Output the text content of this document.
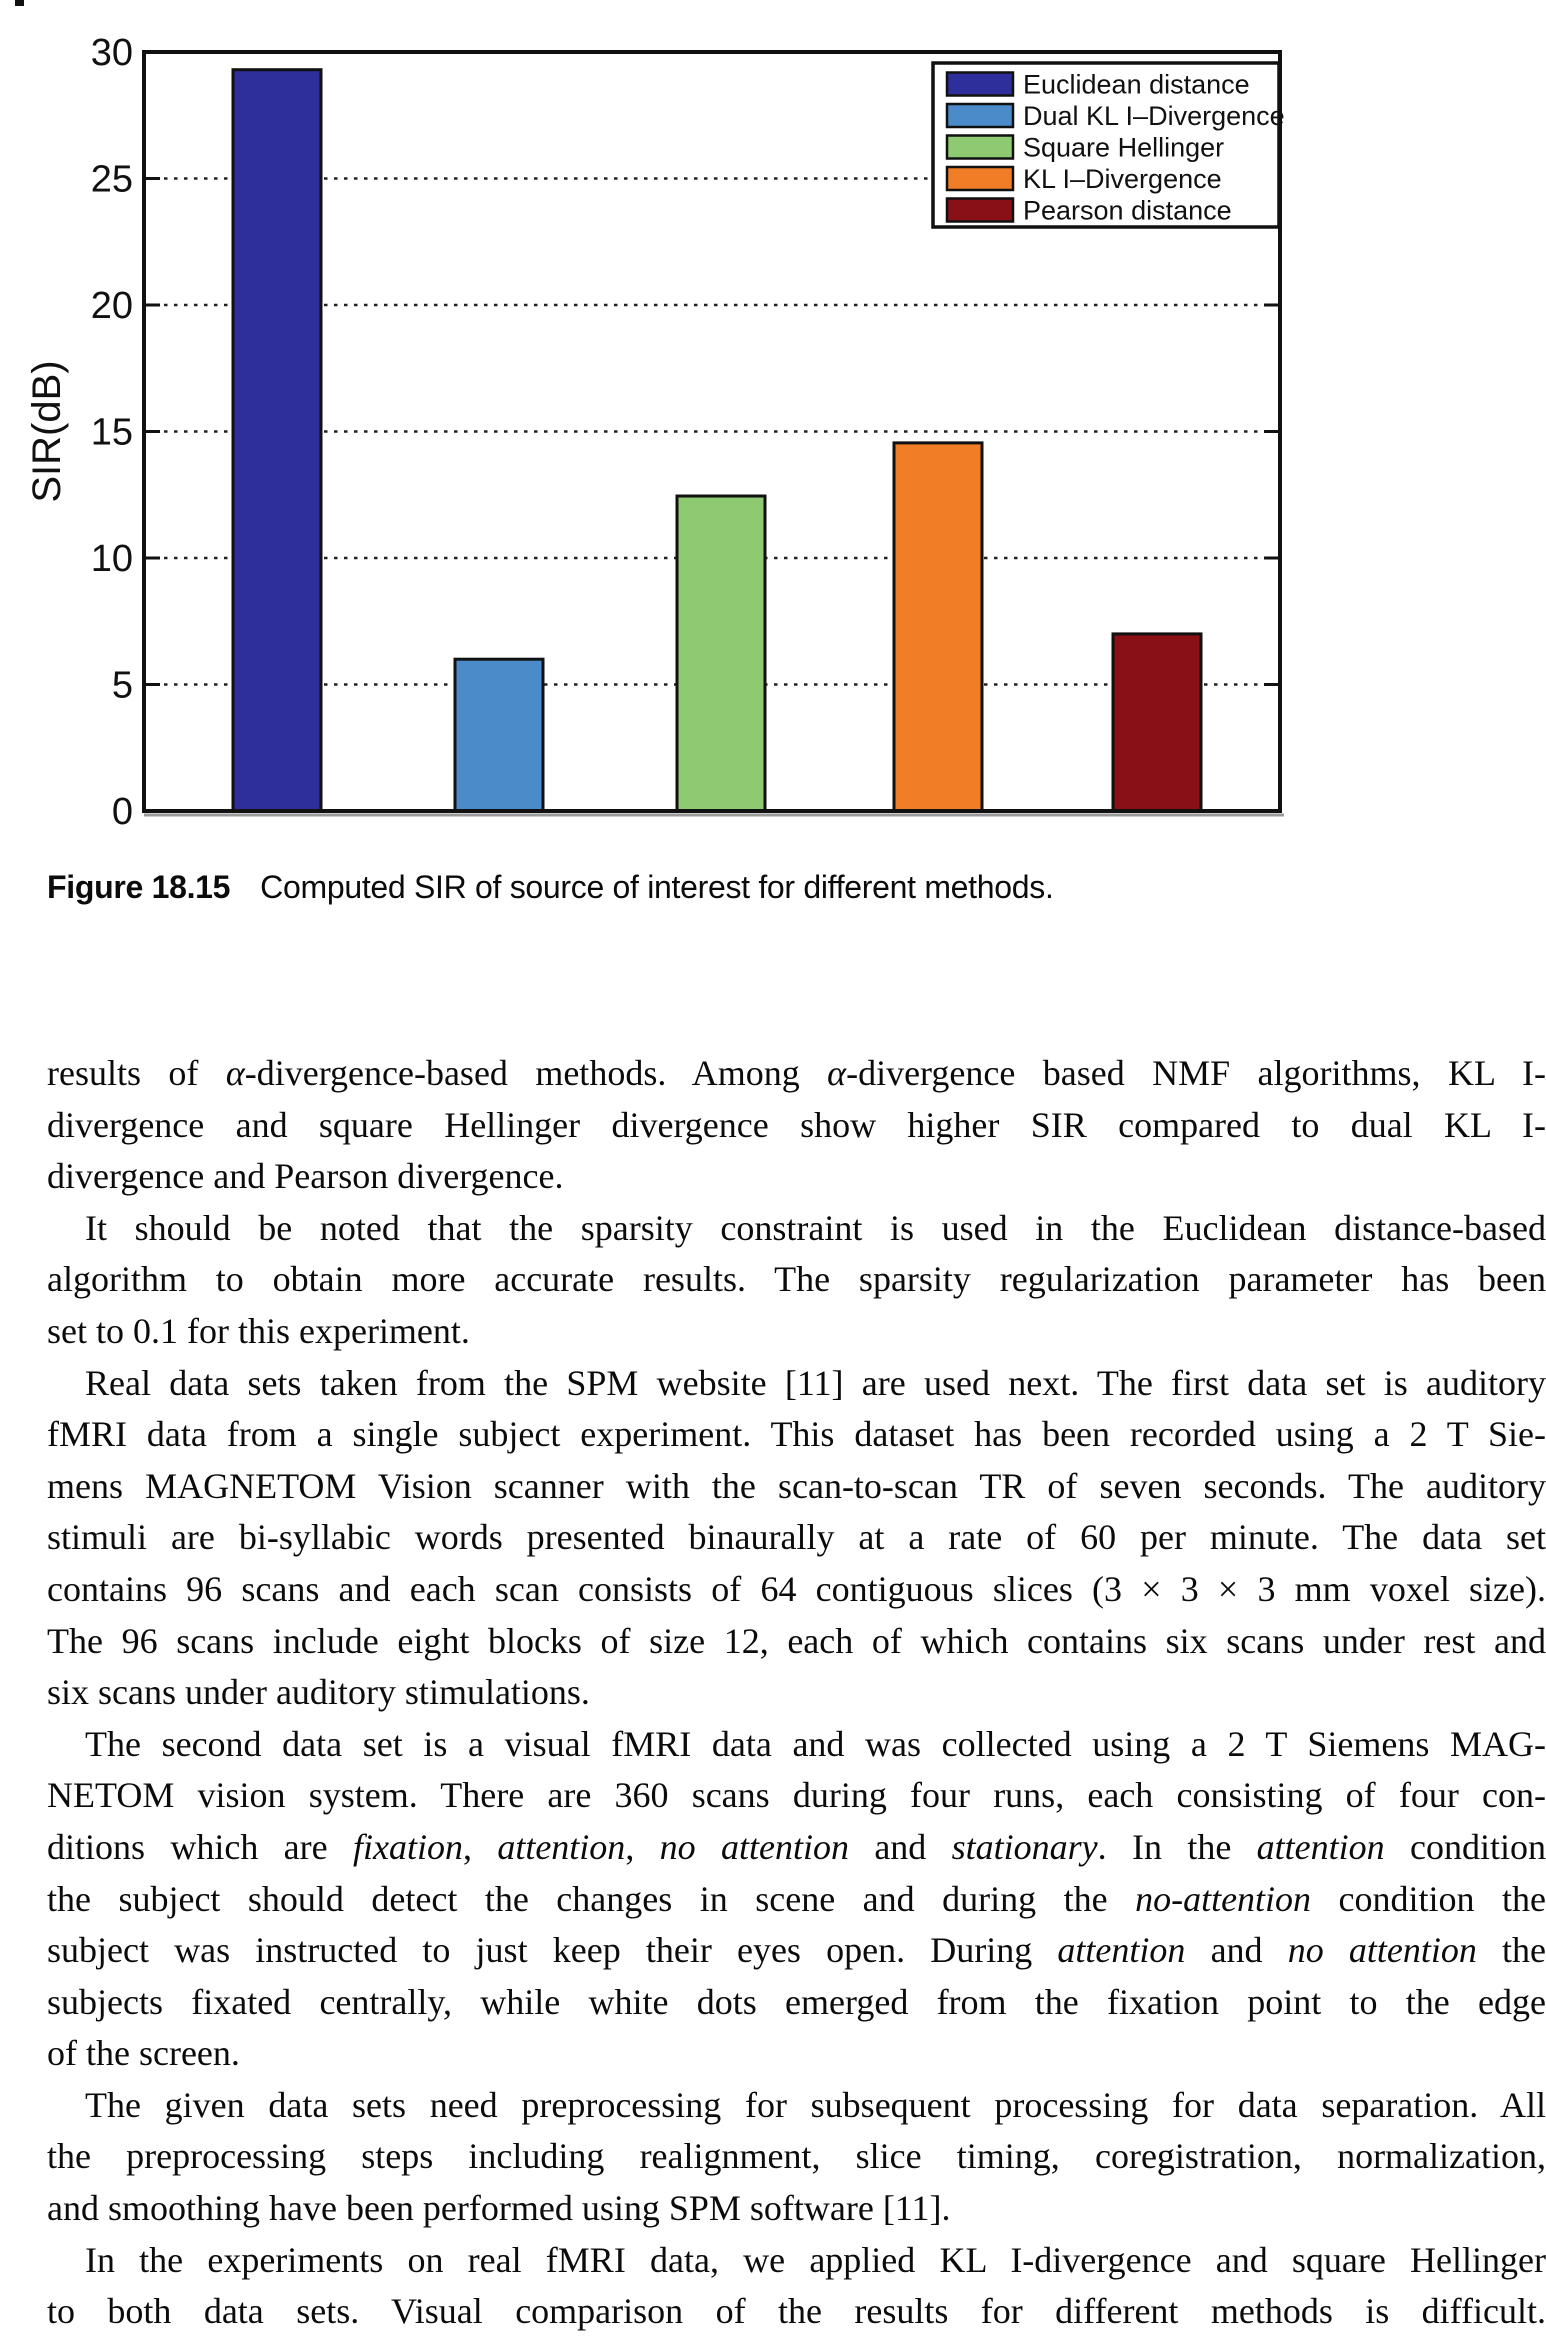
0
5
10
15
20
25
30
SIR(dB)
Euclidean distance
Dual KL I–Divergence
Square Hellinger
KL I–Divergence
Pearson distance
Figure 18.15 Computed SIR of source of interest for different methods.
results of α-divergence-based methods. Among α-divergence based NMF algorithms, KL I-
divergence and square Hellinger divergence show higher SIR compared to dual KL I-
divergence and Pearson divergence.
It should be noted that the sparsity constraint is used in the Euclidean distance-based
algorithm to obtain more accurate results. The sparsity regularization parameter has been
set to 0.1 for this experiment.
Real data sets taken from the SPM website [11] are used next. The first data set is auditory
fMRI data from a single subject experiment. This dataset has been recorded using a 2 T Sie-
mens MAGNETOM Vision scanner with the scan-to-scan TR of seven seconds. The auditory
stimuli are bi-syllabic words presented binaurally at a rate of 60 per minute. The data set
contains 96 scans and each scan consists of 64 contiguous slices (3 × 3 × 3 mm voxel size).
The 96 scans include eight blocks of size 12, each of which contains six scans under rest and
six scans under auditory stimulations.
The second data set is a visual fMRI data and was collected using a 2 T Siemens MAG-
NETOM vision system. There are 360 scans during four runs, each consisting of four con-
ditions which are fixation, attention, no attention and stationary. In the attention condition
the subject should detect the changes in scene and during the no-attention condition the
subject was instructed to just keep their eyes open. During attention and no attention the
subjects fixated centrally, while white dots emerged from the fixation point to the edge
of the screen.
The given data sets need preprocessing for subsequent processing for data separation. All
the preprocessing steps including realignment, slice timing, coregistration, normalization,
and smoothing have been performed using SPM software [11].
In the experiments on real fMRI data, we applied KL I-divergence and square Hellinger
to both data sets. Visual comparison of the results for different methods is difficult.
